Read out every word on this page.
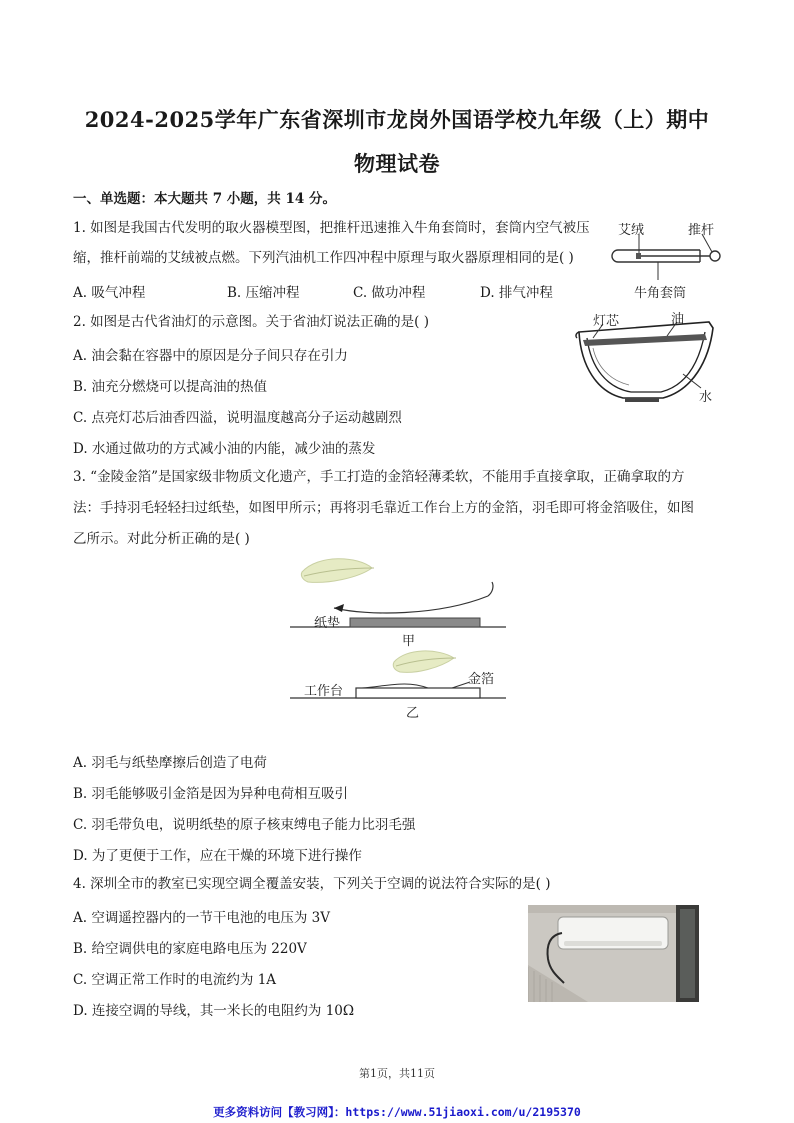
2024-2025学年广东省深圳市龙岗外国语学校九年级（上）期中
物理试卷
一、单选题：本大题共 7 小题，共 14 分。
1. 如图是我国古代发明的取火器模型图，把推杆迅速推入牛角套筒时，套筒内空气被压
缩，推杆前端的艾绒被点燃。下列汽油机工作四冲程中原理与取火器原理相同的是( )
A. 吸气冲程	B. 压缩冲程	C. 做功冲程	D. 排气冲程
艾绒	推杆
牛角套筒
2. 如图是古代省油灯的示意图。关于省油灯说法正确的是( )
A. 油会黏在容器中的原因是分子间只存在引力
B. 油充分燃烧可以提高油的热值
C. 点亮灯芯后油香四溢，说明温度越高分子运动越剧烈
D. 水通过做功的方式减小油的内能，减少油的蒸发
灯芯	油
水
3. “金陵金箔”是国家级非物质文化遗产，手工打造的金箔轻薄柔软，不能用手直接拿取，正确拿取的方
法：手持羽毛轻轻扫过纸垫，如图甲所示；再将羽毛靠近工作台上方的金箔，羽毛即可将金箔吸住，如图
乙所示。对此分析正确的是( )
纸垫
甲
工作台
金箔
乙
A. 羽毛与纸垫摩擦后创造了电荷
B. 羽毛能够吸引金箔是因为异种电荷相互吸引
C. 羽毛带负电，说明纸垫的原子核束缚电子能力比羽毛强
D. 为了更便于工作，应在干燥的环境下进行操作
4. 深圳全市的教室已实现空调全覆盖安装，下列关于空调的说法符合实际的是( )
A. 空调遥控器内的一节干电池的电压为 3V
B. 给空调供电的家庭电路电压为 220V
C. 空调正常工作时的电流约为 1A
D. 连接空调的导线，其一米长的电阻约为 10Ω
第1页，共11页
更多资料访问【教习网】：https://www.51jiaoxi.com/u/2195370
